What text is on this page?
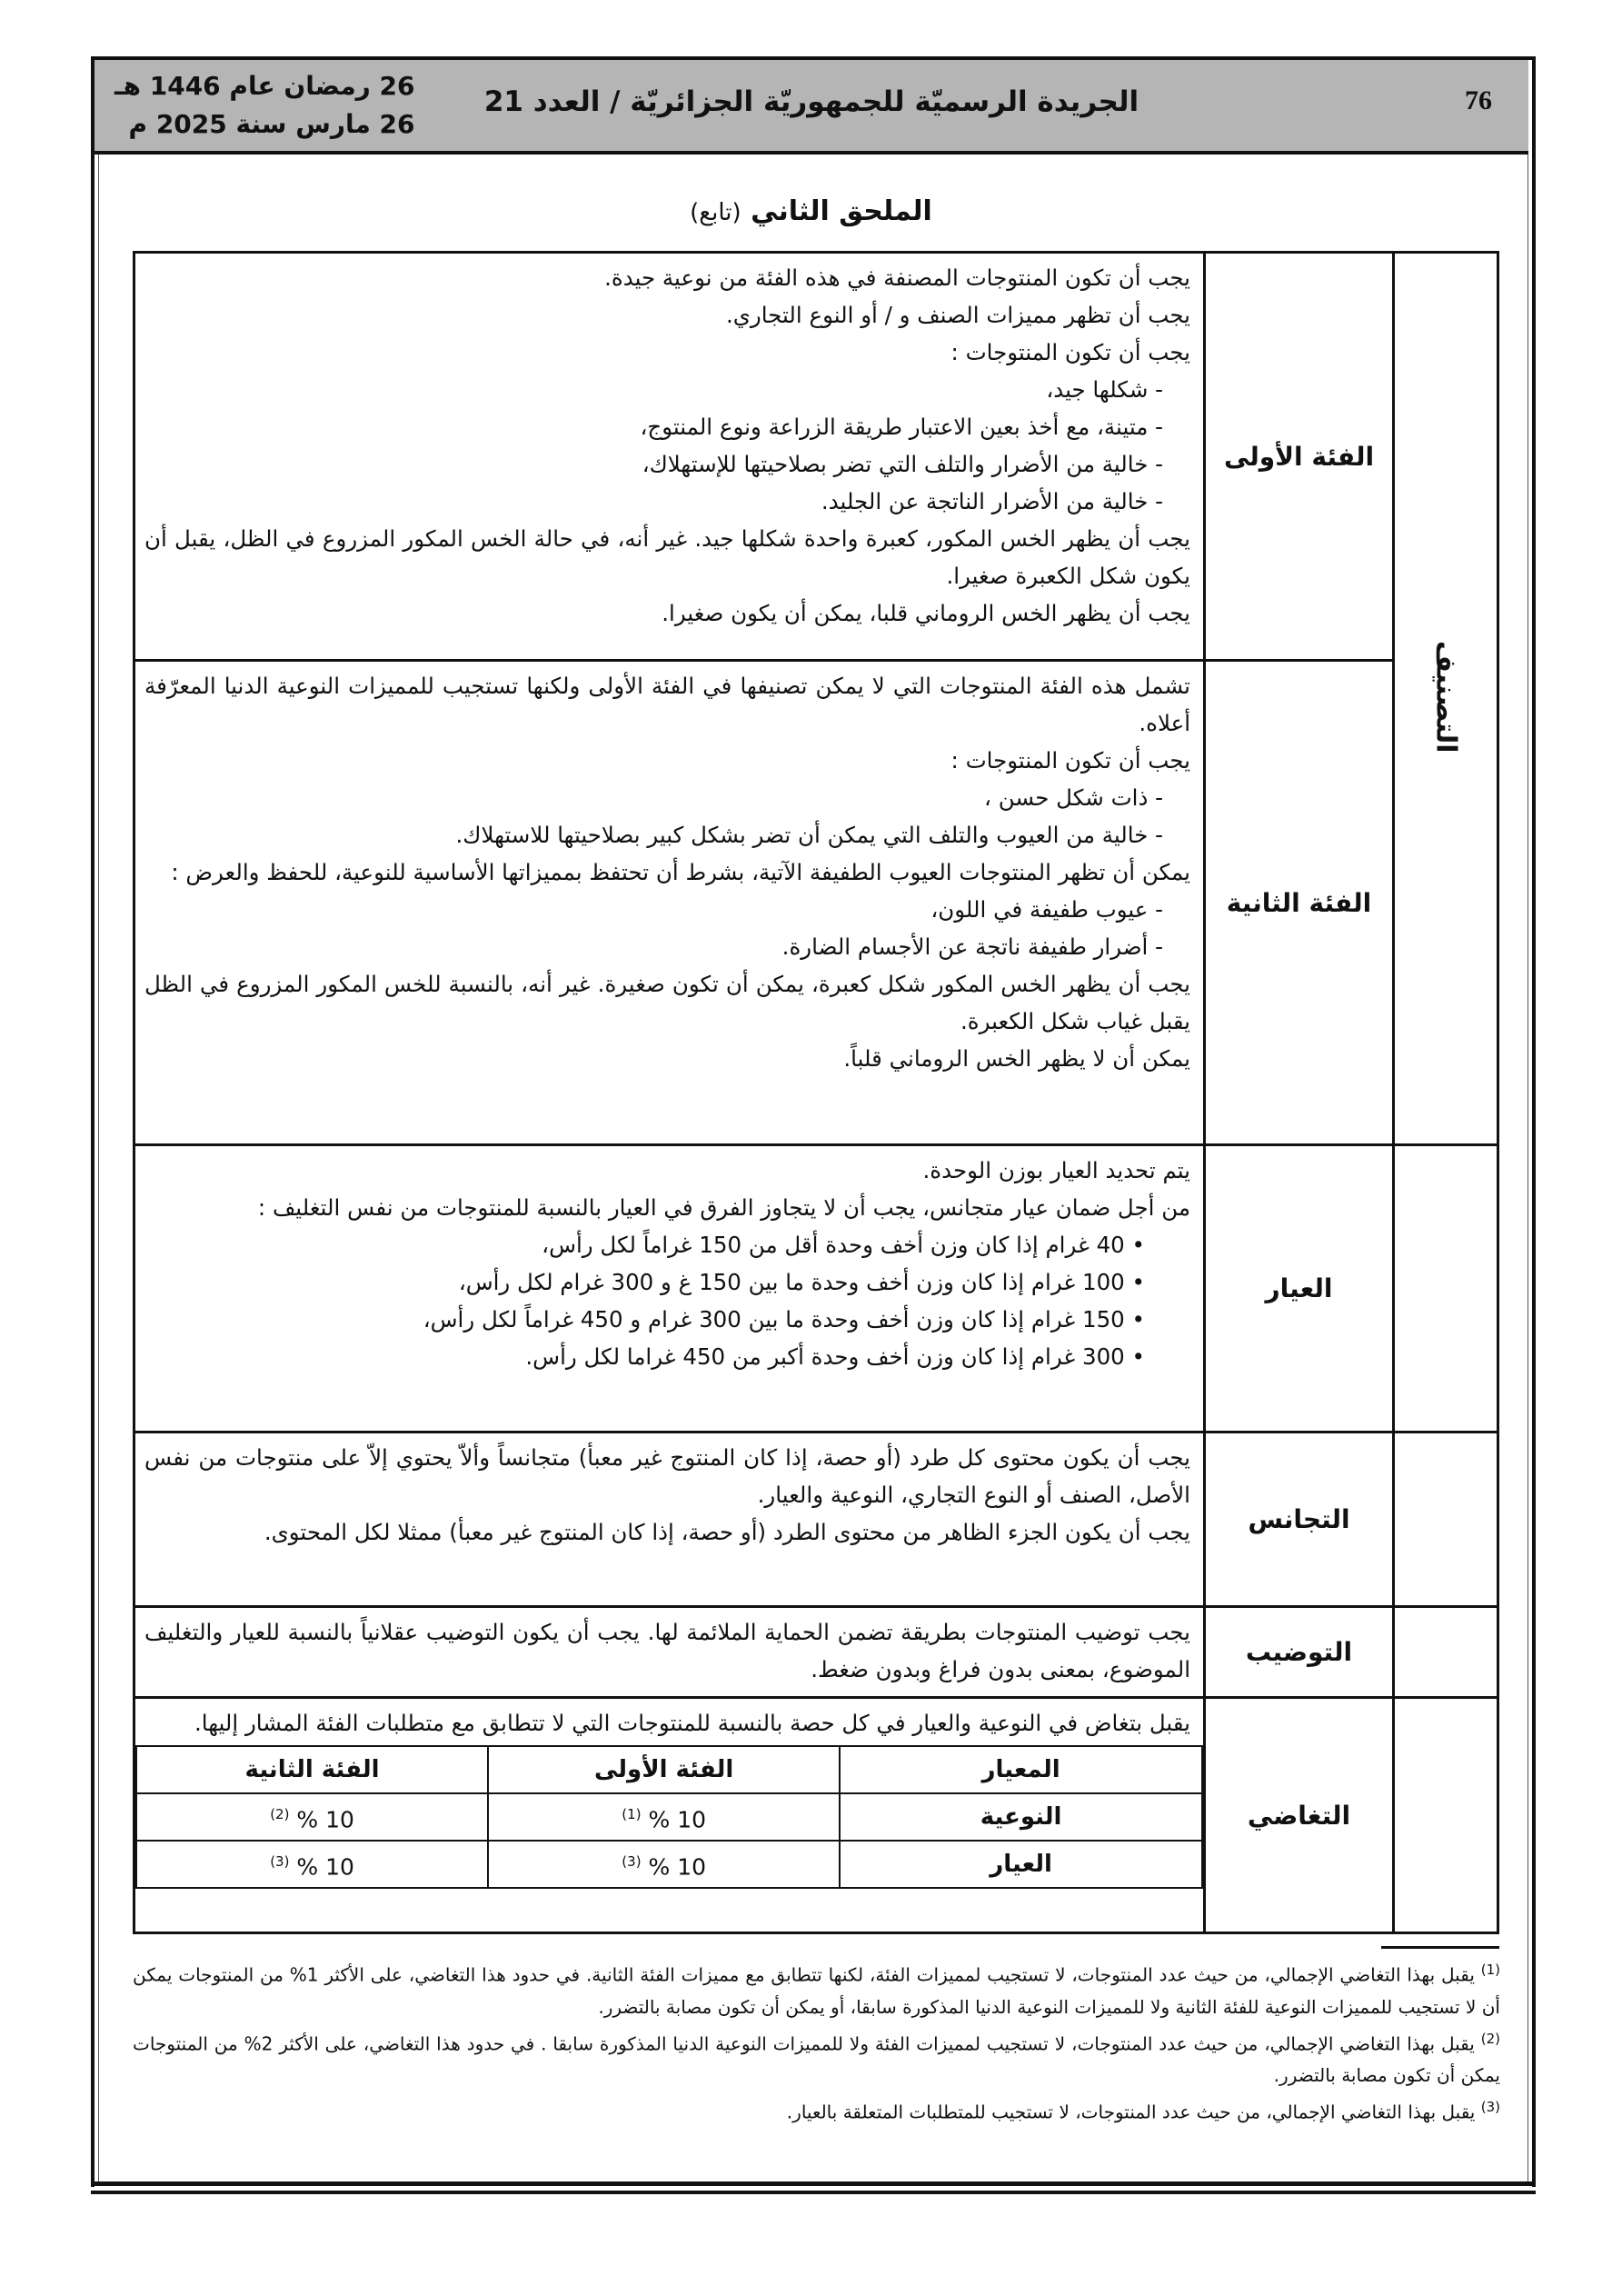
76
الجريدة الرسميّة للجمهوريّة الجزائريّة / العدد 21
26 رمضان عام 1446 هـ
26 مارس سنة 2025 م
الملحق الثاني (تابع)
التصنيف	الفئة الأولى	
يجب أن تكون المنتوجات المصنفة في هذه الفئة من نوعية جيدة.
يجب أن تظهر مميزات الصنف و / أو النوع التجاري.
يجب أن تكون المنتوجات :
- شكلها جيد،
- متينة، مع أخذ بعين الاعتبار طريقة الزراعة ونوع المنتوج،
- خالية من الأضرار والتلف التي تضر بصلاحيتها للإستهلاك،
- خالية من الأضرار الناتجة عن الجليد.
يجب أن يظهر الخس المكور، كعبرة واحدة شكلها جيد. غير أنه، في حالة الخس المكور المزروع في الظل، يقبل أن يكون شكل الكعبرة صغيرا.
يجب أن يظهر الخس الروماني قلبا، يمكن أن يكون صغيرا.

الفئة الثانية	
تشمل هذه الفئة المنتوجات التي لا يمكن تصنيفها في الفئة الأولى ولكنها تستجيب للمميزات النوعية الدنيا المعرّفة أعلاه.
يجب أن تكون المنتوجات :
- ذات شكل حسن ،
- خالية من العيوب والتلف التي يمكن أن تضر بشكل كبير بصلاحيتها للاستهلاك.
يمكن أن تظهر المنتوجات العيوب الطفيفة الآتية، بشرط أن تحتفظ بمميزاتها الأساسية للنوعية، للحفظ والعرض :
- عيوب طفيفة في اللون،
- أضرار طفيفة ناتجة عن الأجسام الضارة.
يجب أن يظهر الخس المكور شكل كعبرة، يمكن أن تكون صغيرة. غير أنه، بالنسبة للخس المكور المزروع في الظل يقبل غياب شكل الكعبرة.
يمكن أن لا يظهر الخس الروماني قلباً.

	العيار	
يتم تحديد العيار بوزن الوحدة.
من أجل ضمان عيار متجانس، يجب أن لا يتجاوز الفرق في العيار بالنسبة للمنتوجات من نفس التغليف :
• 40 غرام إذا كان وزن أخف وحدة أقل من 150 غراماً لكل رأس،
• 100 غرام إذا كان وزن أخف وحدة ما بين 150 غ و 300 غرام لكل رأس،
• 150 غرام إذا كان وزن أخف وحدة ما بين 300 غرام و 450 غراماً لكل رأس،
• 300 غرام إذا كان وزن أخف وحدة أكبر من 450 غراما لكل رأس.

	التجانس	
يجب أن يكون محتوى كل طرد (أو حصة، إذا كان المنتوج غير معبأ) متجانساً وألاّ يحتوي إلاّ على منتوجات من نفس الأصل، الصنف أو النوع التجاري، النوعية والعيار.
يجب أن يكون الجزء الظاهر من محتوى الطرد (أو حصة، إذا كان المنتوج غير معبأ) ممثلا لكل المحتوى.

	التوضيب	
يجب توضيب المنتوجات بطريقة تضمن الحماية الملائمة لها. يجب أن يكون التوضيب عقلانياً بالنسبة للعيار والتغليف الموضوع، بمعنى بدون فراغ وبدون ضغط.

	التغاضي	
يقبل بتغاض في النوعية والعيار في كل حصة بالنسبة للمنتوجات التي لا تتطابق مع متطلبات الفئة المشار إليها.
المعيار	الفئة الأولى	الفئة الثانية
النوعية	10 % $^{(1)}$	10 % $^{(2)}$
العيار	10 % $^{(3)}$	10 % $^{(3)}$
$^{(1)}$ يقبل بهذا التغاضي الإجمالي، من حيث عدد المنتوجات، لا تستجيب لمميزات الفئة، لكنها تتطابق مع مميزات الفئة الثانية. في حدود هذا التغاضي، على الأكثر 1% من المنتوجات يمكن أن لا تستجيب للمميزات النوعية للفئة الثانية ولا للمميزات النوعية الدنيا المذكورة سابقا، أو يمكن أن تكون مصابة بالتضرر.
$^{(2)}$ يقبل بهذا التغاضي الإجمالي، من حيث عدد المنتوجات، لا تستجيب لمميزات الفئة ولا للمميزات النوعية الدنيا المذكورة سابقا . في حدود هذا التغاضي، على الأكثر 2% من المنتوجات يمكن أن تكون مصابة بالتضرر.
$^{(3)}$ يقبل بهذا التغاضي الإجمالي، من حيث عدد المنتوجات، لا تستجيب للمتطلبات المتعلقة بالعيار.
